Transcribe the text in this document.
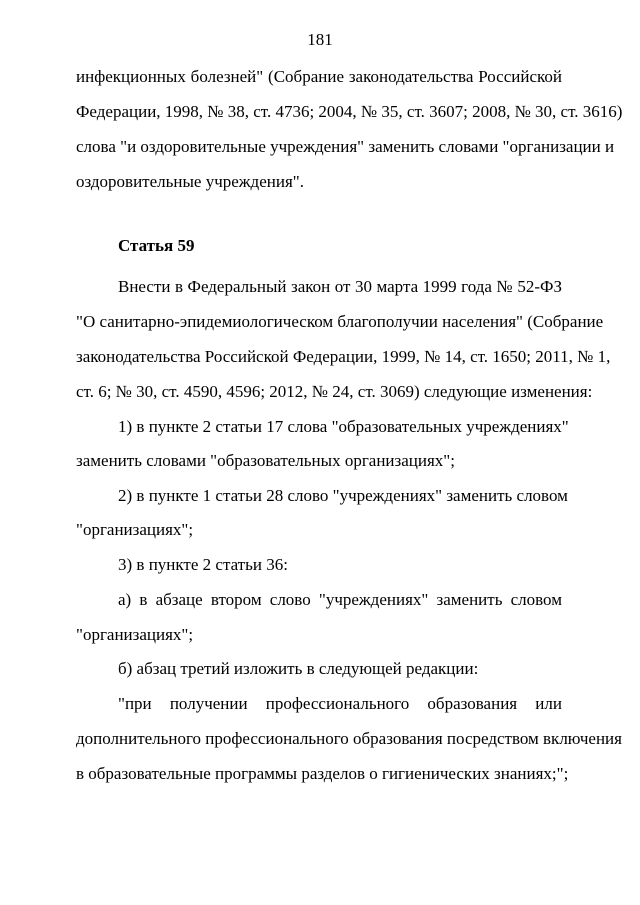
181
инфекционных болезней" (Собрание законодательства Российской
Федерации, 1998, № 38, ст. 4736; 2004, № 35, ст. 3607; 2008, № 30, ст. 3616)
слова "и оздоровительные учреждения" заменить словами "организации и
оздоровительные учреждения".
Статья 59
Внести в Федеральный закон от 30 марта 1999 года № 52-ФЗ
"О санитарно-эпидемиологическом благополучии населения" (Собрание
законодательства Российской Федерации, 1999, № 14, ст. 1650; 2011, № 1,
ст. 6; № 30, ст. 4590, 4596; 2012, № 24, ст. 3069) следующие изменения:
1) в пункте 2 статьи 17 слова "образовательных учреждениях"
заменить словами "образовательных организациях";
2) в пункте 1 статьи 28 слово "учреждениях" заменить словом
"организациях";
3) в пункте 2 статьи 36:
а) в абзаце втором слово "учреждениях" заменить словом
"организациях";
б) абзац третий изложить в следующей редакции:
"при получении профессионального образования или
дополнительного профессионального образования посредством включения
в образовательные программы разделов о гигиенических знаниях;";
